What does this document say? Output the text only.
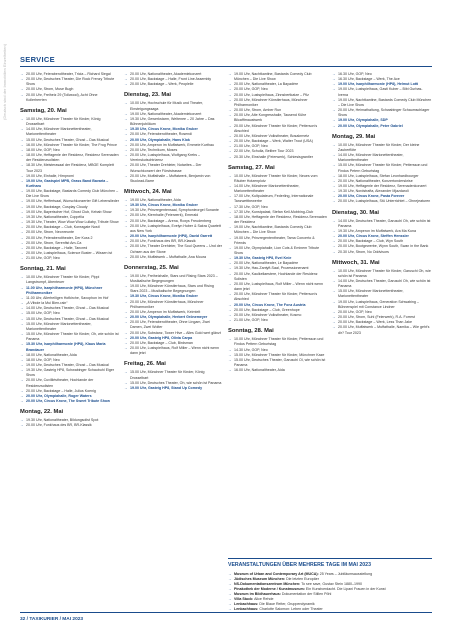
(Deutsch sind der Immobilien Einzelheiten)	SERVICE
→ 20.00 Uhr, Feierabendtheater, Tricia – Richard Siegal
→ 20.00 Uhr, Deutsches Theater, Die Rock Frenzy Tribute Show
→ 20.00 Uhr, Strom, Muse Bugh
→ 20.00 Uhr, Freiheiz 29 (Tollwood), Acht Ohne Kollerherrten
Samstag, 20. Mai
→ 10.00 Uhr, Münchner Theater für Kinder, König Drosselbart
→ 14.00 Uhr, Münchner Marionettentheater, Marionettentheater
→ 15.00 Uhr, Deutsches Theater, Ghost – Das Musical
→ 16.00 Uhr, Münchner Theater für Kinder, The Frog Prince
→ 18.00 Uhr, GOP, Neo
→ 18.00 Uhr, Heffagenle der Residenz, Residenz Serenaden der Residenzsolisten
→ 18.30 Uhr, Meisterasaal der Residenz, MBGE Komplett Tour 2023
→ 19.00 Uhr, Einhalle, Hirnpromi
→ 19.00 Uhr, Gastspiel MPB, Grass Band Bavaria – Kurtharu
→ 19.00 Uhr, Backstage, Bastards Comedy Club München – Die Live Show
→ 19.00 Uhr, Heffertsaal, Wunschkonzerter Gift Lebenslieder
→ 19.00 Uhr, Backstage, Cosplay Cloudy
→ 19.00 Uhr, Bayerischer Hof, Ghost Club, Kebab Show
→ 19.30 Uhr, Nationaltheater, Coppélia
→ 19.30 Uhr, Theater, Wow Wow Wow Lullaby, Tribute Show
→ 20.00 Uhr, Backstage – Club, Koreagate Nostl
→ 20.00 Uhr, Strom, Neonreunte
→ 20.00 Uhr, Feierabendtheater, Der Kuss 2
→ 20.00 Uhr, Strom, Serenfist Am-Ca
→ 20.00 Uhr, Backstage – Halle, Tancred
→ 20.00 Uhr, Lustspielhaus, Science Buster – Wissen ist
→ 21.00 Uhr, GOP, Neo
Sonntag, 21. Mai
→ 10.00 Uhr, Münchner Theater für Kinder, Pippi Langstrumpf, Abenteuer
→ 11.00 Uhr, Isarphilharmonie (HP8), Münchner Philharmoniker
→ 11.00 Uhr, Allerheiligen Hofkirche, Saxophon im Hof
→ „A Vibole la Mui Bien-rain“
→ 14.00 Uhr, Deutsches Theater, Ghost – Das Musical
→ 15.00 Uhr, GOP, Neo
→ 15.00 Uhr, Deutsches Theater, Ghost – Das Musical
→ 15.00 Uhr, Münchner Marionettentheater, Marionettentheater
→ 15.00 Uhr, Münchner Theater für Kinder, Oh, wie schön ist Panama
→ 15.30 Uhr, Isarphilharmonie (HP8), Klaus Maria Brandauer
→ 18.00 Uhr, Nationaltheater, Aida
→ 18.00 Uhr, GOP, Neo
→ 19.00 Uhr, Deutsches Theater, Ghost – Das Musical
→ 19.30 Uhr, Gasteig HP8, Schwabinger Schaubuhl Eiger Show
→ 20.00 Uhr, Cuvilliéstheater, Hochlande der Residenzsolisten
→ 20.00 Uhr, Backstage – Halle, Julius Koenig
→ 20.00 Uhr, Olympiahalle, Roger Waters
→ 20.00 Uhr, Circus Krone, The Sweet Tribute Show
Montag, 22. Mai
→ 19.30 Uhr, Nationaltheater, Bildungsolist Spot
→ 20.00 Uhr, Funkhaus des BR, BR-Klassik
→ 20.00 Uhr, Nationaltheater, Akademiekonzert
→ 20.00 Uhr, Backstage – Halle, Front Line Assembly
→ 20.00 Uhr, Backstage – Werk, Peoplelie
Dienstag, 23. Mai
→ 10.00 Uhr, Hochschule für Musik und Theater, Einsteigungssaga
→ 19.00 Uhr, Nationaltheater, Akademiekonzert
→ 19.30 Uhr, Gewerkstarm, Weltenee – 20 Jahre – Das Bühnenjubiläum
→ 19.30 Uhr, Circus Krone, Monika Gruber
→ 20.00 Uhr, Feierabendtheater, Rosendi
→ 20.00 Uhr, Olympiahalle, Hans Klok
→ 20.00 Uhr, Amperon im Muffatwerk, Emmeie Kurthau
→ 20.00 Uhr, Technikum, Moses
→ 20.00 Uhr, Lustspielhaus, Wolfgang Krebs – Vereinskutschtrizenz
→ 20.00 Uhr, Theater Drehleier, Notarites – Der Wunschkonzert der Fürststrasse
→ 20.00 Uhr, Muffathalle – Muffatwerk, Benjamin von Stuckrad-Barre
Mittwoch, 24. Mai
→ 19.00 Uhr, Nationaltheater, Aida
→ 19.30 Uhr, Circus Krone, Monika Gruber
→ 19.30 Uhr, Prinzregentensaal, Symphonieorgel Sonante
→ 20.00 Uhr, Kiernhalle (Feierwerk), Emerald
→ 20.00 Uhr, Backstage – Arena, Roxys Freudenberg
→ 20.00 Uhr, Lustspielhaus, Evelyn Huber & Sakra Quartett aus New York
→ 20.00 Uhr, Isarphilharmonie (HP8), David Garrett
→ 20.00 Uhr, Funkhaus des BR, BR-Klassik
→ 20.00 Uhr, Theater Drehleier, The Soul Queens – Und der Ochsen aus der Stone
→ 20.00 Uhr, Muffatwerk – Muffathalle, Ana Moura
Donnerstag, 25. Mai
→ 19.00 Uhr, Freiheizhalle, Stars und Rising Stars 2023 – Musikalische Begegnungen
→ 19.00 Uhr, Münchner Künstlerhaus, Stars und Rising Stars 2023 – Musikalische Begegnungen
→ 19.30 Uhr, Circus Krone, Monika Gruber
→ 20.00 Uhr, Münchner Künstlerhaus, Münchner Philharmoniker
→ 20.00 Uhr, Amperon im Muffatwerk, Keimtelt
→ 20.00 Uhr, Olympiahalle, Herbert Grönemeyer
→ 20.00 Uhr, Feierabendtheater, Ohne Lingam, Zwei Damen, Zwei Wolter
→ 20.00 Uhr, Substanz, Tower Hive – Alles Gold wert glänzt
→ 20.00 Uhr, Gasteig HP8, Olivia Carpa
→ 20.00 Uhr, Backstage – Club, Birdsman
→ 20.00 Uhr, Lustspielhaus, Rolf Miller – Wenn nicht wenn dann jetzt
Freitag, 26. Mai
→ 15.00 Uhr, Münchner Theater für Kinder, König Drosselbart
→ 15.00 Uhr, Deutsches Theater, Oh, wie schön ist Panama
→ 19.00 Uhr, Gasteig HP8, Stand Up Comedy
→ 19.00 Uhr, Nachtkantine, Bastards Comedy Club München – Die Live Show
→ 20.00 Uhr, Nationaltheater, La Bayadère
→ 20.00 Uhr, GOP, Neo
→ 20.00 Uhr, Lustspielhaus, Zinnsbertkatze – Pilz
→ 20.00 Uhr, Münchner Künstlerhaus, Münchner Philharmoniker
→ 20.00 Uhr, Strom, Amber Run
→ 20.00 Uhr, Alte Kongresshalle, Tausend Kühe Bilcafftmaustwerk
→ 20.00 Uhr, Münchner Theater für Kinder, Petterson's Abschied
→ 20.00 Uhr, Münchner Volkstheater, Bosakrmetz
→ 20.00 Uhr, Backstage – Werk, Walter Trout (USA)
→ 21.00 Uhr, GOP, Neo
→ 22.00 Uhr, Schulla, Belibre Tour 2023
→ 20.30 Uhr, Einshalle (Feierwerk), Schiesisgrantler
Samstag, 27. Mai
→ 10.00 Uhr, Münchner Theater für Kinder, Neues vom Räuber Hotzenplotz
→ 14.00 Uhr, Münchner Marionettentheater, Marionettentheater
→ 17.00 Uhr, Kultpulateum, Federling, Internationale Tanzwettbewerbe
→ 17.30 Uhr, GOP, Neo
→ 17.30 Uhr, Kunstpalast, Stefan Keil-Mobbing-Club
→ 18.00 Uhr, Heffagenle der Residenz, Residenz-Serenaden der Residenz
→ 19.00 Uhr, Nachtkantine, Bastards Comedy Club München – Die Live Show
→ 19.00 Uhr, Prinzregententheater, Tama Concerto & Friends
→ 19.00 Uhr, Olympiahalle, Lion Cuts & Eminem Tribute Show
→ 19.30 Uhr, Gasteig HP8, Evel Knie
→ 20.00 Uhr, Nationaltheater, Le Bayadère
→ 19.30 Uhr, Hau-Zantyft-Saal, Prozessionenamt
→ 20.00 Uhr, Kaulkellaestere, Hochlande der Residenz Solisten
→ 20.00 Uhr, Lustspielhaus, Rolf Miller – Wenn nicht wenn dann jetzt
→ 20.00 Uhr, Münchner Theater für Kinder, Petterson's Abschied
→ 20.00 Uhr, Circus Krone, The Fonz Austria
→ 20.00 Uhr, Backstage – Club, Greenhope
→ 20.00 Uhr, Münchner Volkstheater, Kosmo
→ 21.00 Uhr, GOP, Neo
Sonntag, 28. Mai
→ 10.00 Uhr, Münchner Theater für Kinder, Pettersson und Findus Pettern Geburtstag
→ 14.30 Uhr, GOP, Neo
→ 15.00 Uhr, Münchner Theater für Kinder, Münchner Kaze
→ 15.00 Uhr, Deutsches Theater, Garuschi Ol, wie schön ist Panama
→ 16.00 Uhr, Nationaltheater, Aida
→ 16.30 Uhr, GOP, Neo
→ 16.30 Uhr, Backstage – Werk, The Ace
→ 19.00 Uhr, Isarphilharmonie (HP8), Helmut Lotti
→ 19.00 Uhr, Lustspielhaus, Gasti Kuber – Bibi Gurbas-Iverna
→ 19.00 Uhr, Nachtkantine, Bastards Comedy Club München – Die Live Show
→ 20.00 Uhr, Heimathaltung, Schwabinger Schaumschlager Show
→ 19.00 Uhr, Olympiahalle, SDP
→ 20.00 Uhr, Olympiahalle, Peter Gabriel
Montag, 29. Mai
→ 10.00 Uhr, Münchner Theater für Kinder, Der kleine Zauberflöte
→ 14.00 Uhr, Münchner Marionettentheater, Marionettentheater
→ 15.00 Uhr, Münchner Theater für Kinder, Pettersson und Findus Petern Geburtstag
→ 18.00 Uhr, Lustspielhaus, Stefan Leonhardbourger
→ 20.00 Uhr, Nationaltheater, Konzertonderskrise
→ 19.00 Uhr, Heffagenle der Residenz, Serenadenkonzert
→ 19.30 Uhr, Nordstrafta, Alexander Mjazdaroli
→ 20.00 Uhr, Circus Krone, Pasta Forever
→ 20.00 Uhr, Lustspielhaus, Stü Unterrichtet – Ohnejeaturen
Dienstag, 30. Mai
→ 14.00 Uhr, Deutsches Theater, Garuschi Oh, wie schön ist Panama
→ 19.30 Uhr, Amperon im Muffatwerk, Ara Ma Kuna
→ 20.00 Uhr, Circus Krone, Steffen Henssler
→ 20.00 Uhr, Backstage – Club, Wyn South
→ 20.00 Uhr, Bootgewerbe, Wynn South, Swan in the Bank
→ 20.30 Uhr, Strom, No Oddvisors
Mittwoch, 31. Mai
→ 10.00 Uhr, Münchner Theater für Kinder, Garuschi Oh, wie schön ist Panama
→ 14.00 Uhr, Deutsches Theater, Garuschi Oh, wie schön ist Panama
→ 15.00 Uhr, Münchner Marionettentheater, Marionettentheater
→ 19.00 Uhr, Lustspielhaus, Generation Schwabing – Bühnenspiel mit Constance Lindner
→ 20.00 Uhr, GOP, Neo
→ 20.00 Uhr, Strom, Suhl (Feierwerk), R.A. Forrest
→ 20.00 Uhr, Backstage – Werk, Less Than Jake
→ 20.00 Uhr, Muffatwerk – Muffathalle, Namika – Wie geht's dir? Tour 2023
VERANSTALTUNGEN ÜBER MEHRERE TAGE IM MAI 2023
→ Museum of Urban and Contemporary Art (MUCA): 25 Years – Jubiläumsausstellung
→ Jüdisches Museum München: Die letzten Europäer
→ NS-Dokumentationszentrum München: To see save, Gustav Stein 1880–1990
→ Pinakothek der Moderne / Kunstmuseum: Ein Kunstverdacht. Die Lipani Frauen in der Kunst
→ Museum im Bildhauerhaus: Dokumentation der Stillen Pöhl
→ Villa Stuck: Alice Rehde
→ Lenbachhaus: Die Blaue Reiter, Gruppendynamik
→ Lenbachhaus: Charlotte Salomon: Leben oder Theater
32 / TAXIKURIER / MAI 2023
